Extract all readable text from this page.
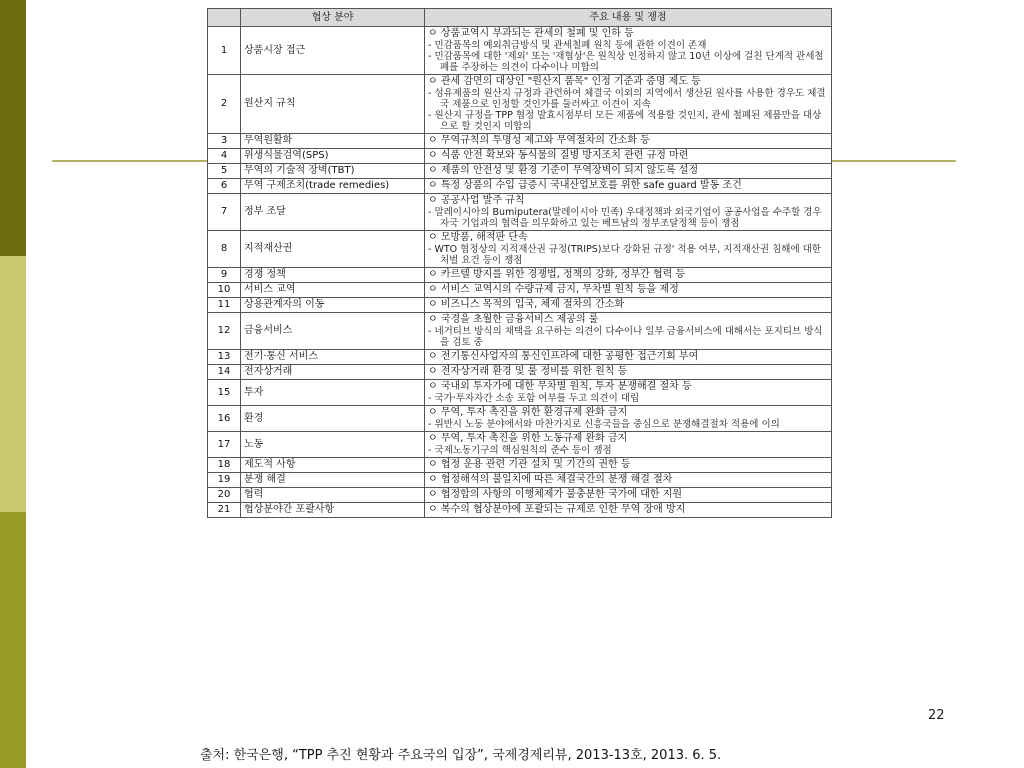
	협상 분야	주요 내용 및 쟁점
1	상품시장 접근	ㅇ 상품교역시 부과되는 관세의 철폐 및 인하 등
- 민감품목의 예외취급방식 및 관세철폐 원칙 등에 관한 이견이 존재
- 민감품목에 대한 '제외' 또는 '재협상'은 원칙상 인정하지 않고 10년 이상에 걸친 단계적 관세철폐를 주장하는 의견이 다수이나 미합의

2	원산지 규칙	ㅇ 관세 감면의 대상인 "원산지 품목" 인정 기준과 증명 제도 등
- 섬유제품의 원산지 규정과 관련하여 체결국 이외의 지역에서 생산된 원사를 사용한 경우도 체결국 제품으로 인정할 것인가를 둘러싸고 이견이 지속
- 원산지 규정을 TPP 협정 발효시점부터 모든 제품에 적용할 것인지, 관세 철폐된 제품만을 대상으로 할 것인지 미합의

3	무역원활화	ㅇ 무역규칙의 투명성 제고와 무역절차의 간소화 등

4	위생식물검역(SPS)	ㅇ 식품 안전 확보와 동식물의 질병 방지조치 관련 규정 마련

5	무역의 기술적 장벽(TBT)	ㅇ 제품의 안전성 및 환경 기준이 무역장벽이 되지 않도록 설정

6	무역 구제조치(trade remedies)	ㅇ 특정 상품의 수입 급증시 국내산업보호를 위한 safe guard 발동 조건

7	정부 조달	ㅇ 공공사업 발주 규칙
- 말레이시아의 Bumiputera(말레이시아 민족) 우대정책과 외국기업이 공공사업을 수주할 경우 자국 기업과의 협력을 의무화하고 있는 베트남의 정부조달정책 등이 쟁점

8	지적재산권	ㅇ 모방품, 해적판 단속
- WTO 협정상의 지적재산권 규정(TRIPS)보다 강화된 규정' 적용 여부, 지적재산권 침해에 대한 처벌 요건 등이 쟁점

9	경쟁 정책	ㅇ 카르텔 방지를 위한 경쟁법, 정책의 강화, 정부간 협력 등

10	서비스 교역	ㅇ 서비스 교역시의 수량규제 금지, 무차별 원칙 등을 제정

11	상용관계자의 이동	ㅇ 비즈니스 목적의 입국, 체제 절차의 간소화

12	금융서비스	ㅇ 국경을 초월한 금융서비스 제공의 룰
- 네거티브 방식의 채택을 요구하는 의견이 다수이나 일부 금융서비스에 대해서는 포지티브 방식을 검토 중

13	전기·통신 서비스	ㅇ 전기통신사업자의 통신인프라에 대한 공평한 접근기회 부여

14	전자상거래	ㅇ 전자상거래 환경 및 룰 정비를 위한 원칙 등

15	투자	ㅇ 국내외 투자가에 대한 무차별 원칙, 투자 분쟁해결 절차 등
- 국가·투자자간 소송 포함 여부를 두고 의견이 대립

16	환경	ㅇ 무역, 투자 촉진을 위한 환경규제 완화 금지
- 위반시 노동 분야에서와 마찬가지로 신흥국들을 중심으로 분쟁해결절차 적용에 이의

17	노동	ㅇ 무역, 투자 촉진을 위한 노동규제 완화 금지
- 국제노동기구의 핵심원칙의 준수 등이 쟁점

18	제도적 사항	ㅇ 협정 운용 관련 기관 설치 및 기간의 권한 등

19	분쟁 해결	ㅇ 협정해석의 불일치에 따른 체결국간의 분쟁 해결 절차

20	협력	ㅇ 협정합의 사항의 이행체제가 불충분한 국가에 대한 지원

21	협상분야간 포괄사항	ㅇ 복수의 협상분야에 포괄되는 규제로 인한 무역 장애 방지
22
출처: 한국은행, “TPP 추진 현황과 주요국의 입장”, 국제경제리뷰, 2013-13호, 2013. 6. 5.
